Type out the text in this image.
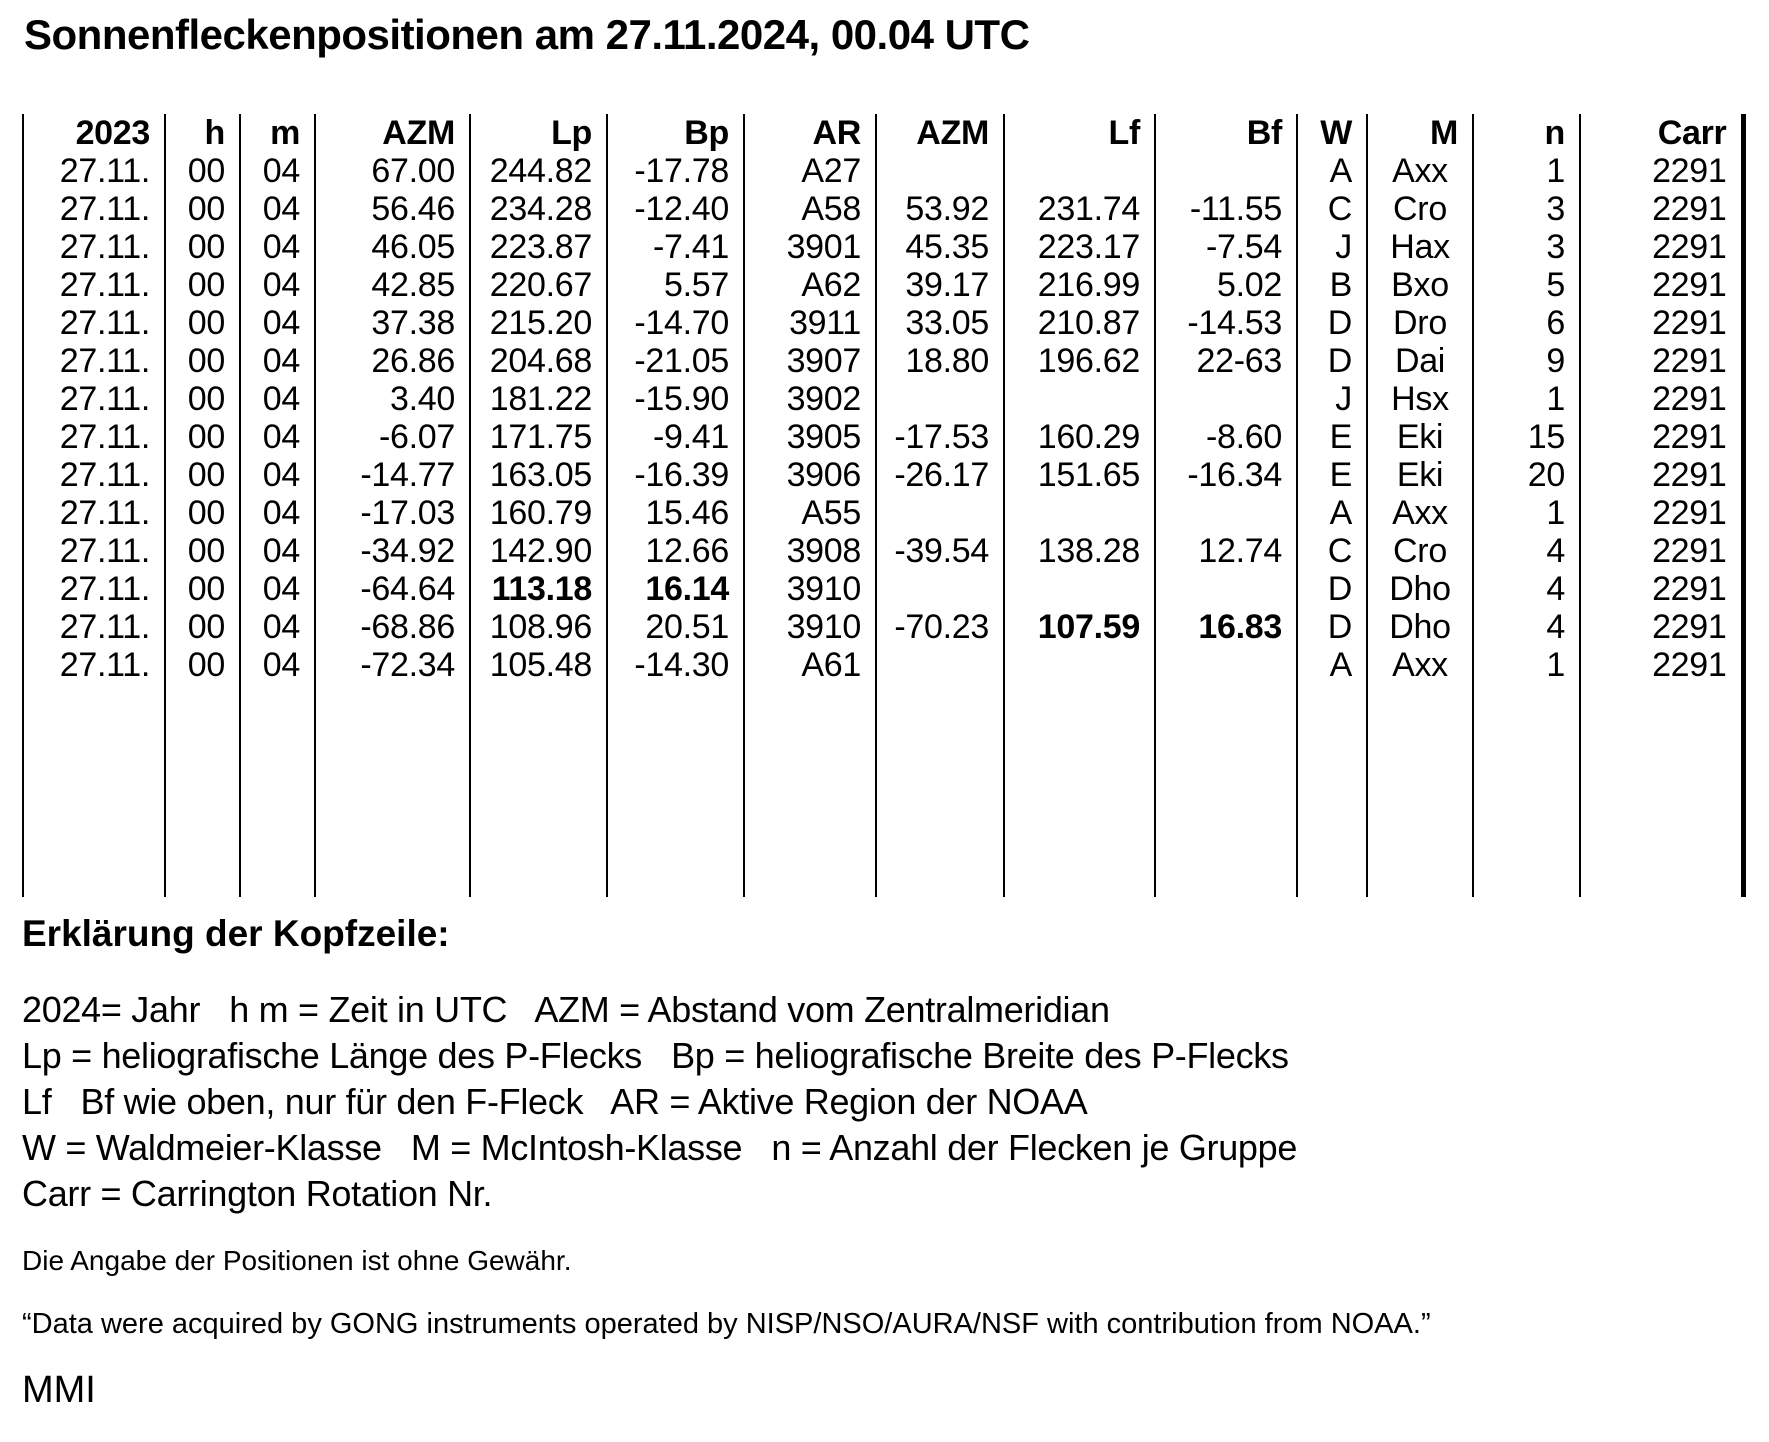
Sonnenfleckenpositionen am 27.11.2024, 00.04 UTC
2023	h	m	AZM	Lp	Bp	AR	AZM	Lf	Bf	W	M	n	Carr
27.11.	00	04	67.00	244.82	-17.78	A27				A	Axx	1	2291
27.11.	00	04	56.46	234.28	-12.40	A58	53.92	231.74	-11.55	C	Cro	3	2291
27.11.	00	04	46.05	223.87	-7.41	3901	45.35	223.17	-7.54	J	Hax	3	2291
27.11.	00	04	42.85	220.67	5.57	A62	39.17	216.99	5.02	B	Bxo	5	2291
27.11.	00	04	37.38	215.20	-14.70	3911	33.05	210.87	-14.53	D	Dro	6	2291
27.11.	00	04	26.86	204.68	-21.05	3907	18.80	196.62	22-63	D	Dai	9	2291
27.11.	00	04	3.40	181.22	-15.90	3902				J	Hsx	1	2291
27.11.	00	04	-6.07	171.75	-9.41	3905	-17.53	160.29	-8.60	E	Eki	15	2291
27.11.	00	04	-14.77	163.05	-16.39	3906	-26.17	151.65	-16.34	E	Eki	20	2291
27.11.	00	04	-17.03	160.79	15.46	A55				A	Axx	1	2291
27.11.	00	04	-34.92	142.90	12.66	3908	-39.54	138.28	12.74	C	Cro	4	2291
27.11.	00	04	-64.64	113.18	16.14	3910				D	Dho	4	2291
27.11.	00	04	-68.86	108.96	20.51	3910	-70.23	107.59	16.83	D	Dho	4	2291
27.11.	00	04	-72.34	105.48	-14.30	A61				A	Axx	1	2291

Erklärung der Kopfzeile:
2024= Jahr   h m = Zeit in UTC   AZM = Abstand vom Zentralmeridian
Lp = heliografische Länge des P-Flecks   Bp = heliografische Breite des P-Flecks
Lf   Bf wie oben, nur für den F-Fleck   AR = Aktive Region der NOAA
W = Waldmeier-Klasse   M = McIntosh-Klasse   n = Anzahl der Flecken je Gruppe
Carr = Carrington Rotation Nr.

Die Angabe der Positionen ist ohne Gewähr.

“Data were acquired by GONG instruments operated by NISP/NSO/AURA/NSF with contribution from NOAA.”

MMI
